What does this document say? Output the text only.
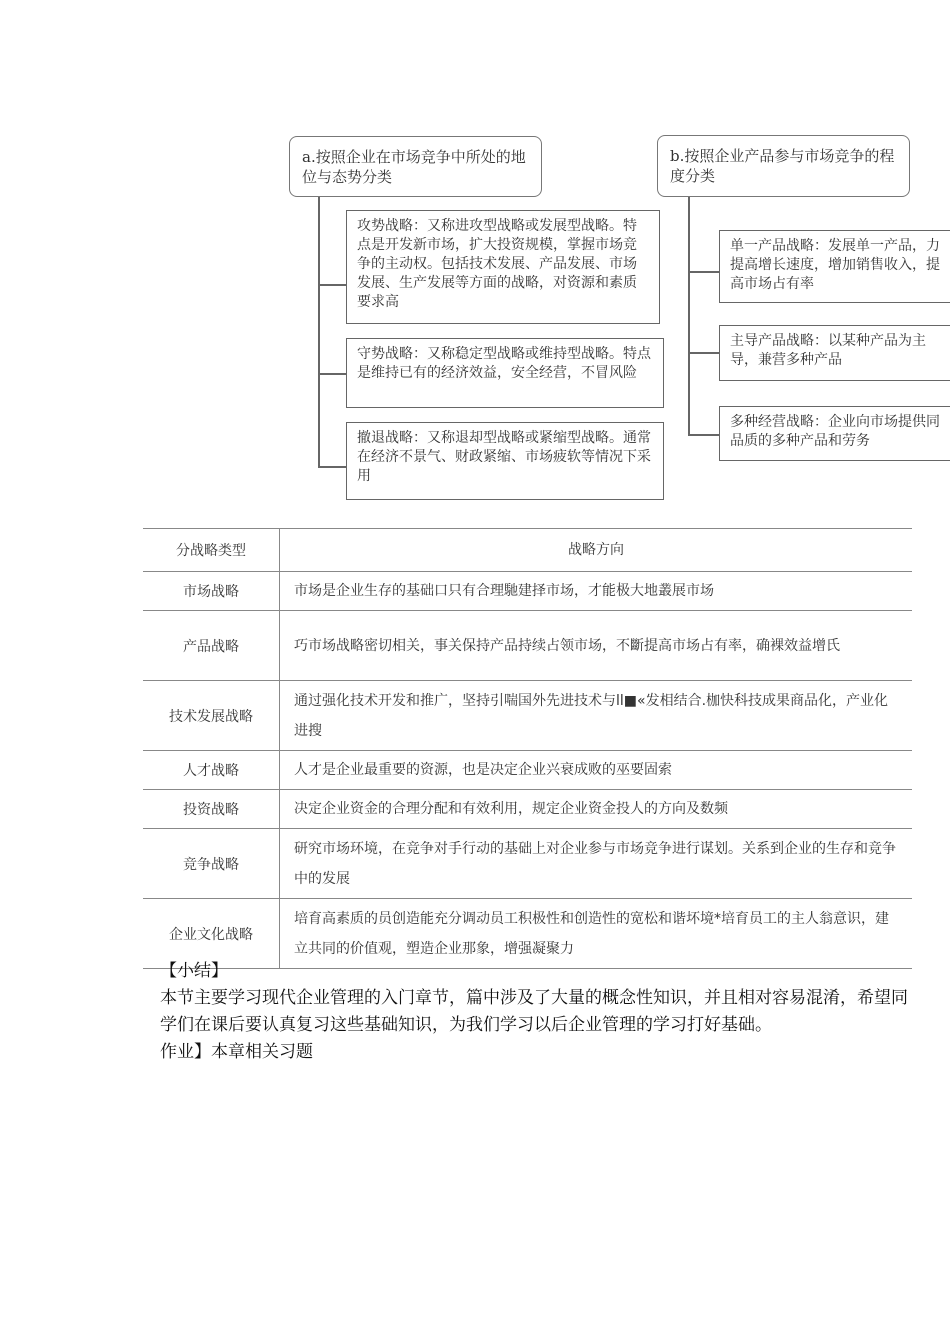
a.按照企业在市场竞争中所处的地位与态势分类
攻势战略：又称进攻型战略或发展型战略。特点是开发新市场，扩大投资规模，掌握市场竞争的主动权。包括技术发展、产品发展、市场发展、生产发展等方面的战略，对资源和素质要求高
守势战略：又称稳定型战略或维持型战略。特点是维持已有的经济效益，安全经营，不冒风险
撤退战略：又称退却型战略或紧缩型战略。通常在经济不景气、财政紧缩、市场疲软等情况下采用
b.按照企业产品参与市场竞争的程度分类
单一产品战略：发展单一产品，力提高增长速度，增加销售收入，提高市场占有率
主导产品战略：以某种产品为主导，兼营多种产品
多种经营战略：企业向市场提供同品质的多种产品和劳务
分战略类型	战略方向
市场战略	市场是企业生存的基础口只有合理馳建择市场，才能极大地叢展市场
产品战略	巧市场战略密切相关，事关保持产品持续占领市场，不斷提高市场占有率，确裸效益增氏
技术发展战略	通过强化技术开发和推广，坚持引喘国外先进技术与ll■«发相结合.枷快科技成果商品化，产业化进搜
人才战略	人才是企业最重要的资源，也是决定企业兴衰成败的巫要固索
投资战略	决定企业资金的合理分配和有效利用，规定企业资金投人的方向及数频
竞争战略	研究市场环境，在竞争对手行动的基础上对企业参与市场竞争进行谋划。关系到企业的生存和竞争中的发展
企业文化战略	培育高素质的员创造能充分调动员工积极性和创造性的宽松和谐坏境*培育员工的主人翁意识，建立共同的价值观，塑造企业那象，增强凝聚力

【小结】

本节主要学习现代企业管理的入门章节，篇中涉及了大量的概念性知识，并且相对容易混淆，希望同学们在课后要认真复习这些基础知识，为我们学习以后企业管理的学习打好基础。

作业】本章相关习题
